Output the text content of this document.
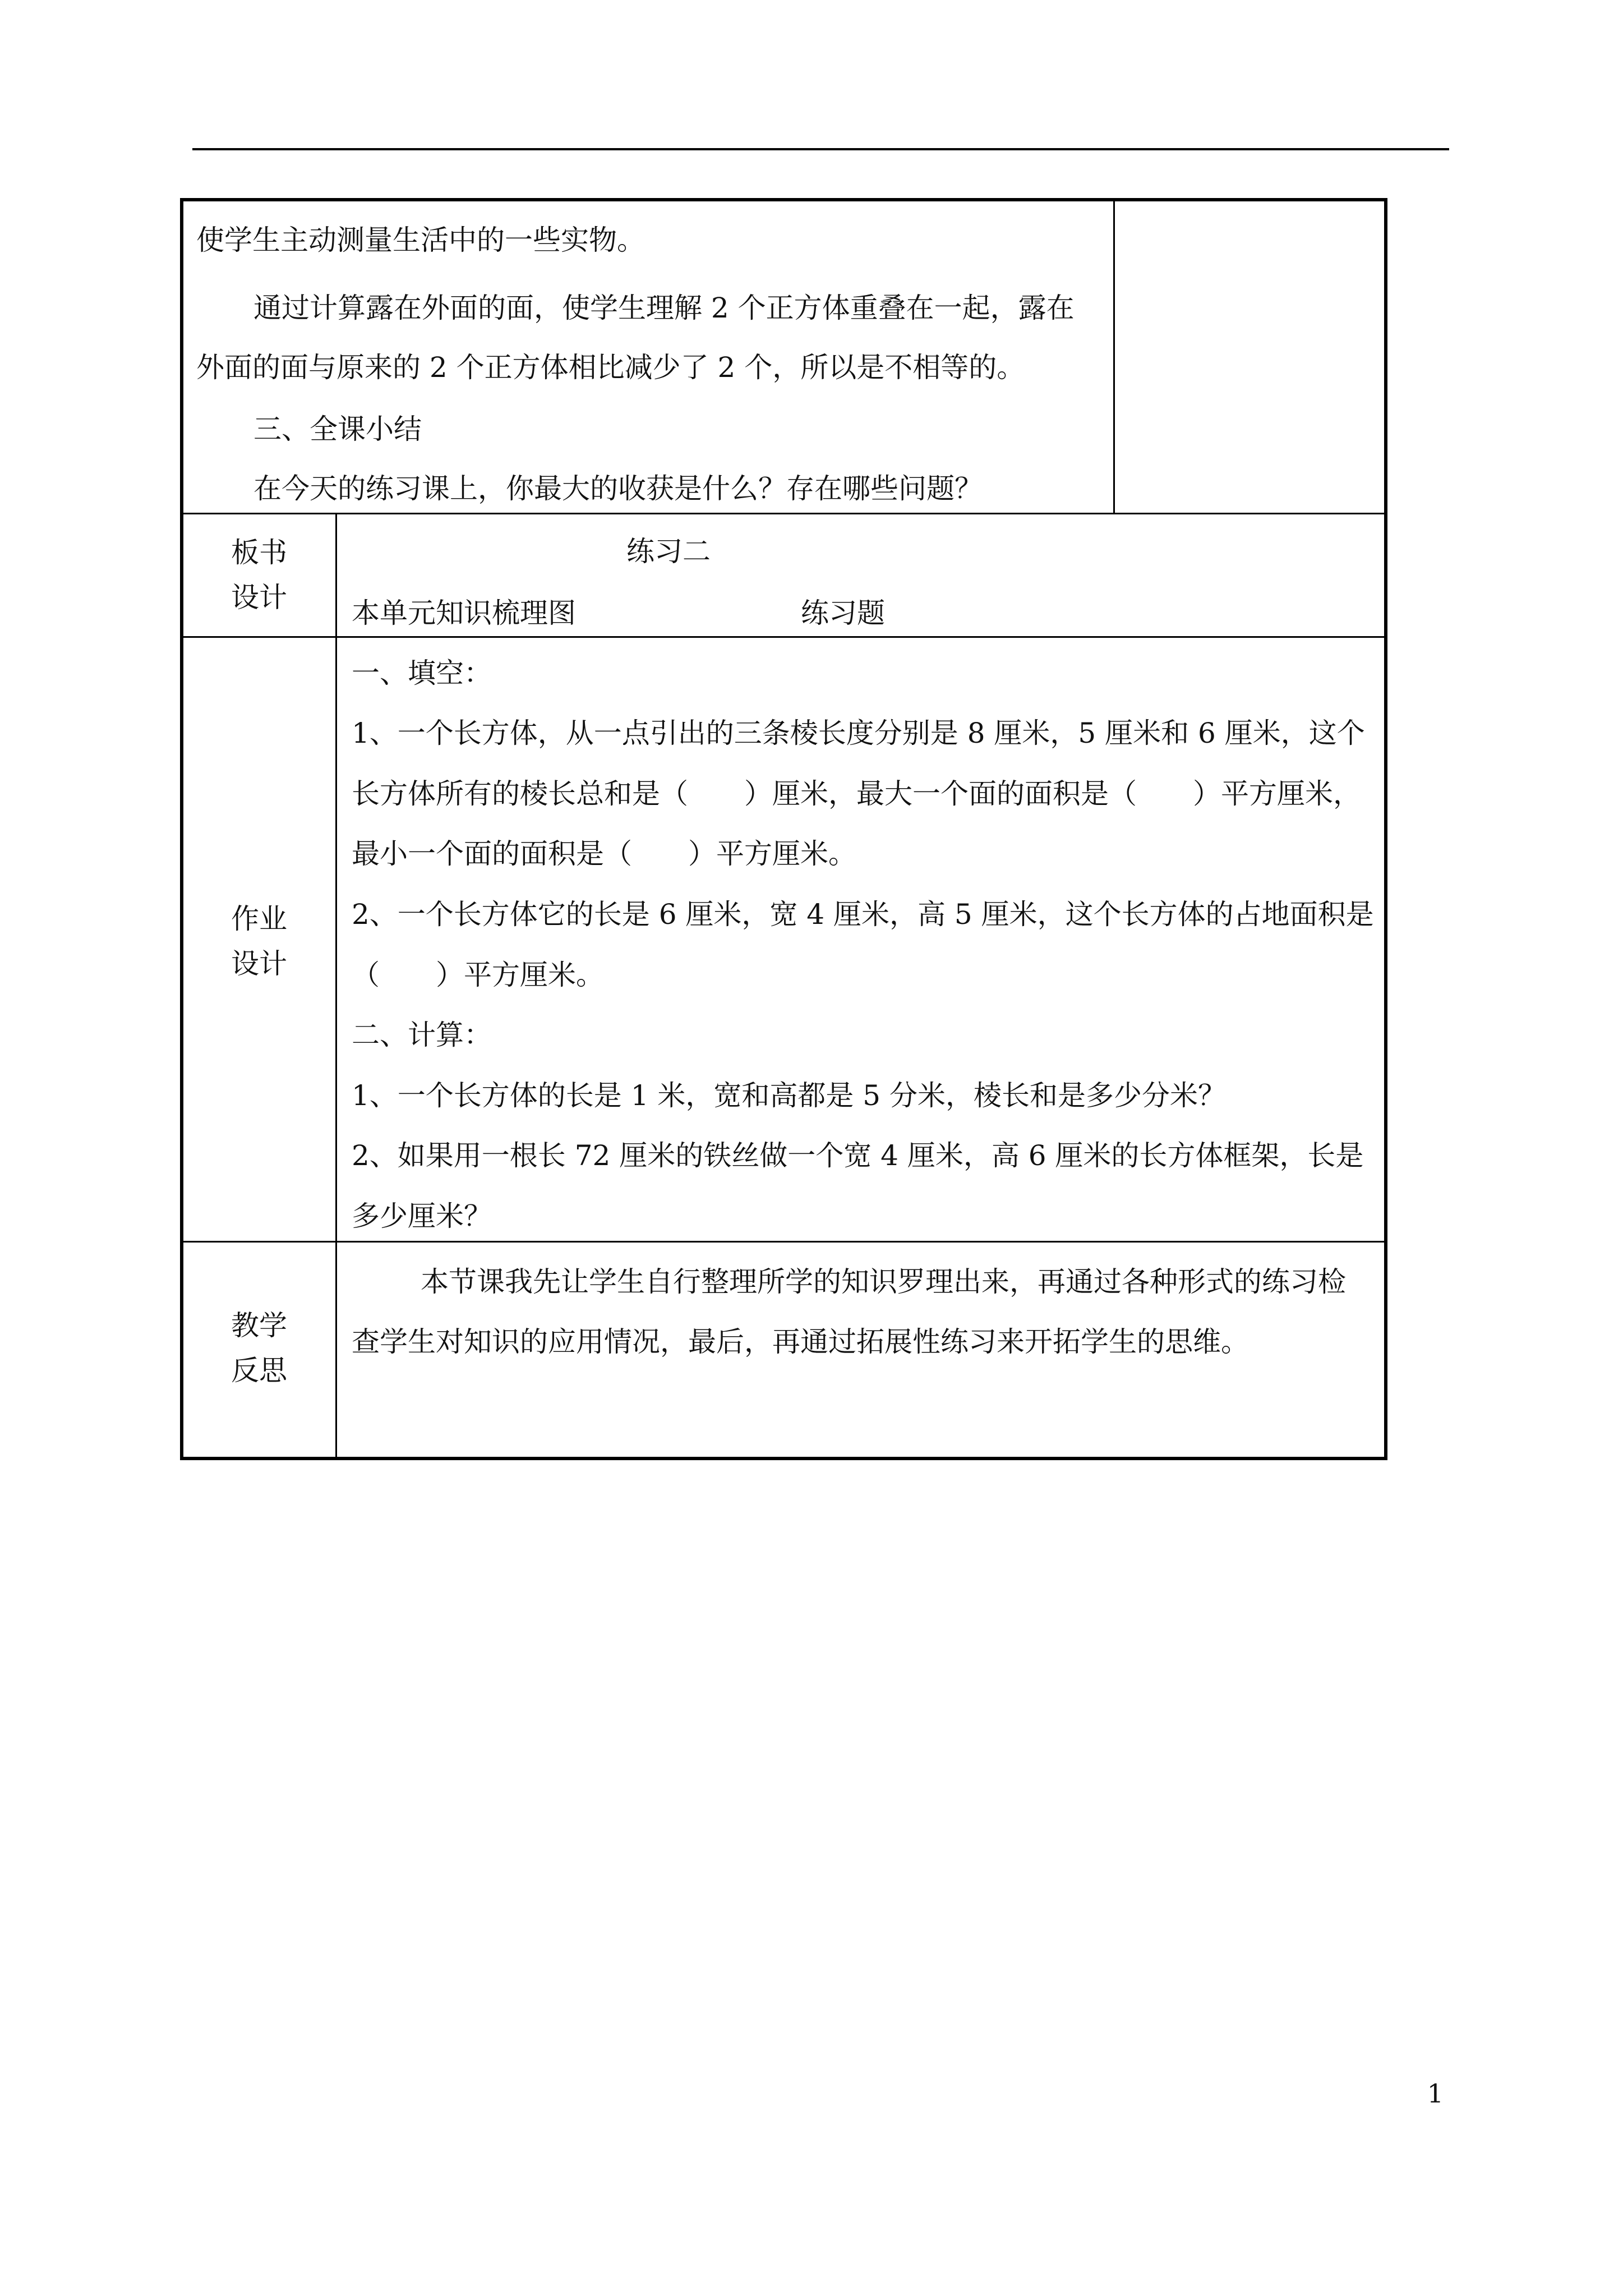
使学生主动测量生活中的一些实物。
通过计算露在外面的面，使学生理解 2 个正方体重叠在一起，露在
外面的面与原来的 2 个正方体相比减少了 2 个，所以是不相等的。
三、全课小结
在今天的练习课上，你最大的收获是什么？存在哪些问题？
板书
设计
练习二
本单元知识梳理图	练习题
作业
设计
一、填空：
1、一个长方体，从一点引出的三条棱长度分别是 8 厘米，5 厘米和 6 厘米，这个
长方体所有的棱长总和是（　　）厘米，最大一个面的面积是（　　）平方厘米，
最小一个面的面积是（　　）平方厘米。
2、一个长方体它的长是 6 厘米，宽 4 厘米，高 5 厘米，这个长方体的占地面积是
（　　）平方厘米。
二、计算：
1、一个长方体的长是 1 米，宽和高都是 5 分米，棱长和是多少分米？
2、如果用一根长 72 厘米的铁丝做一个宽 4 厘米，高 6 厘米的长方体框架，长是
多少厘米？
教学
反思
本节课我先让学生自行整理所学的知识罗理出来，再通过各种形式的练习检
查学生对知识的应用情况，最后，再通过拓展性练习来开拓学生的思维。
1
